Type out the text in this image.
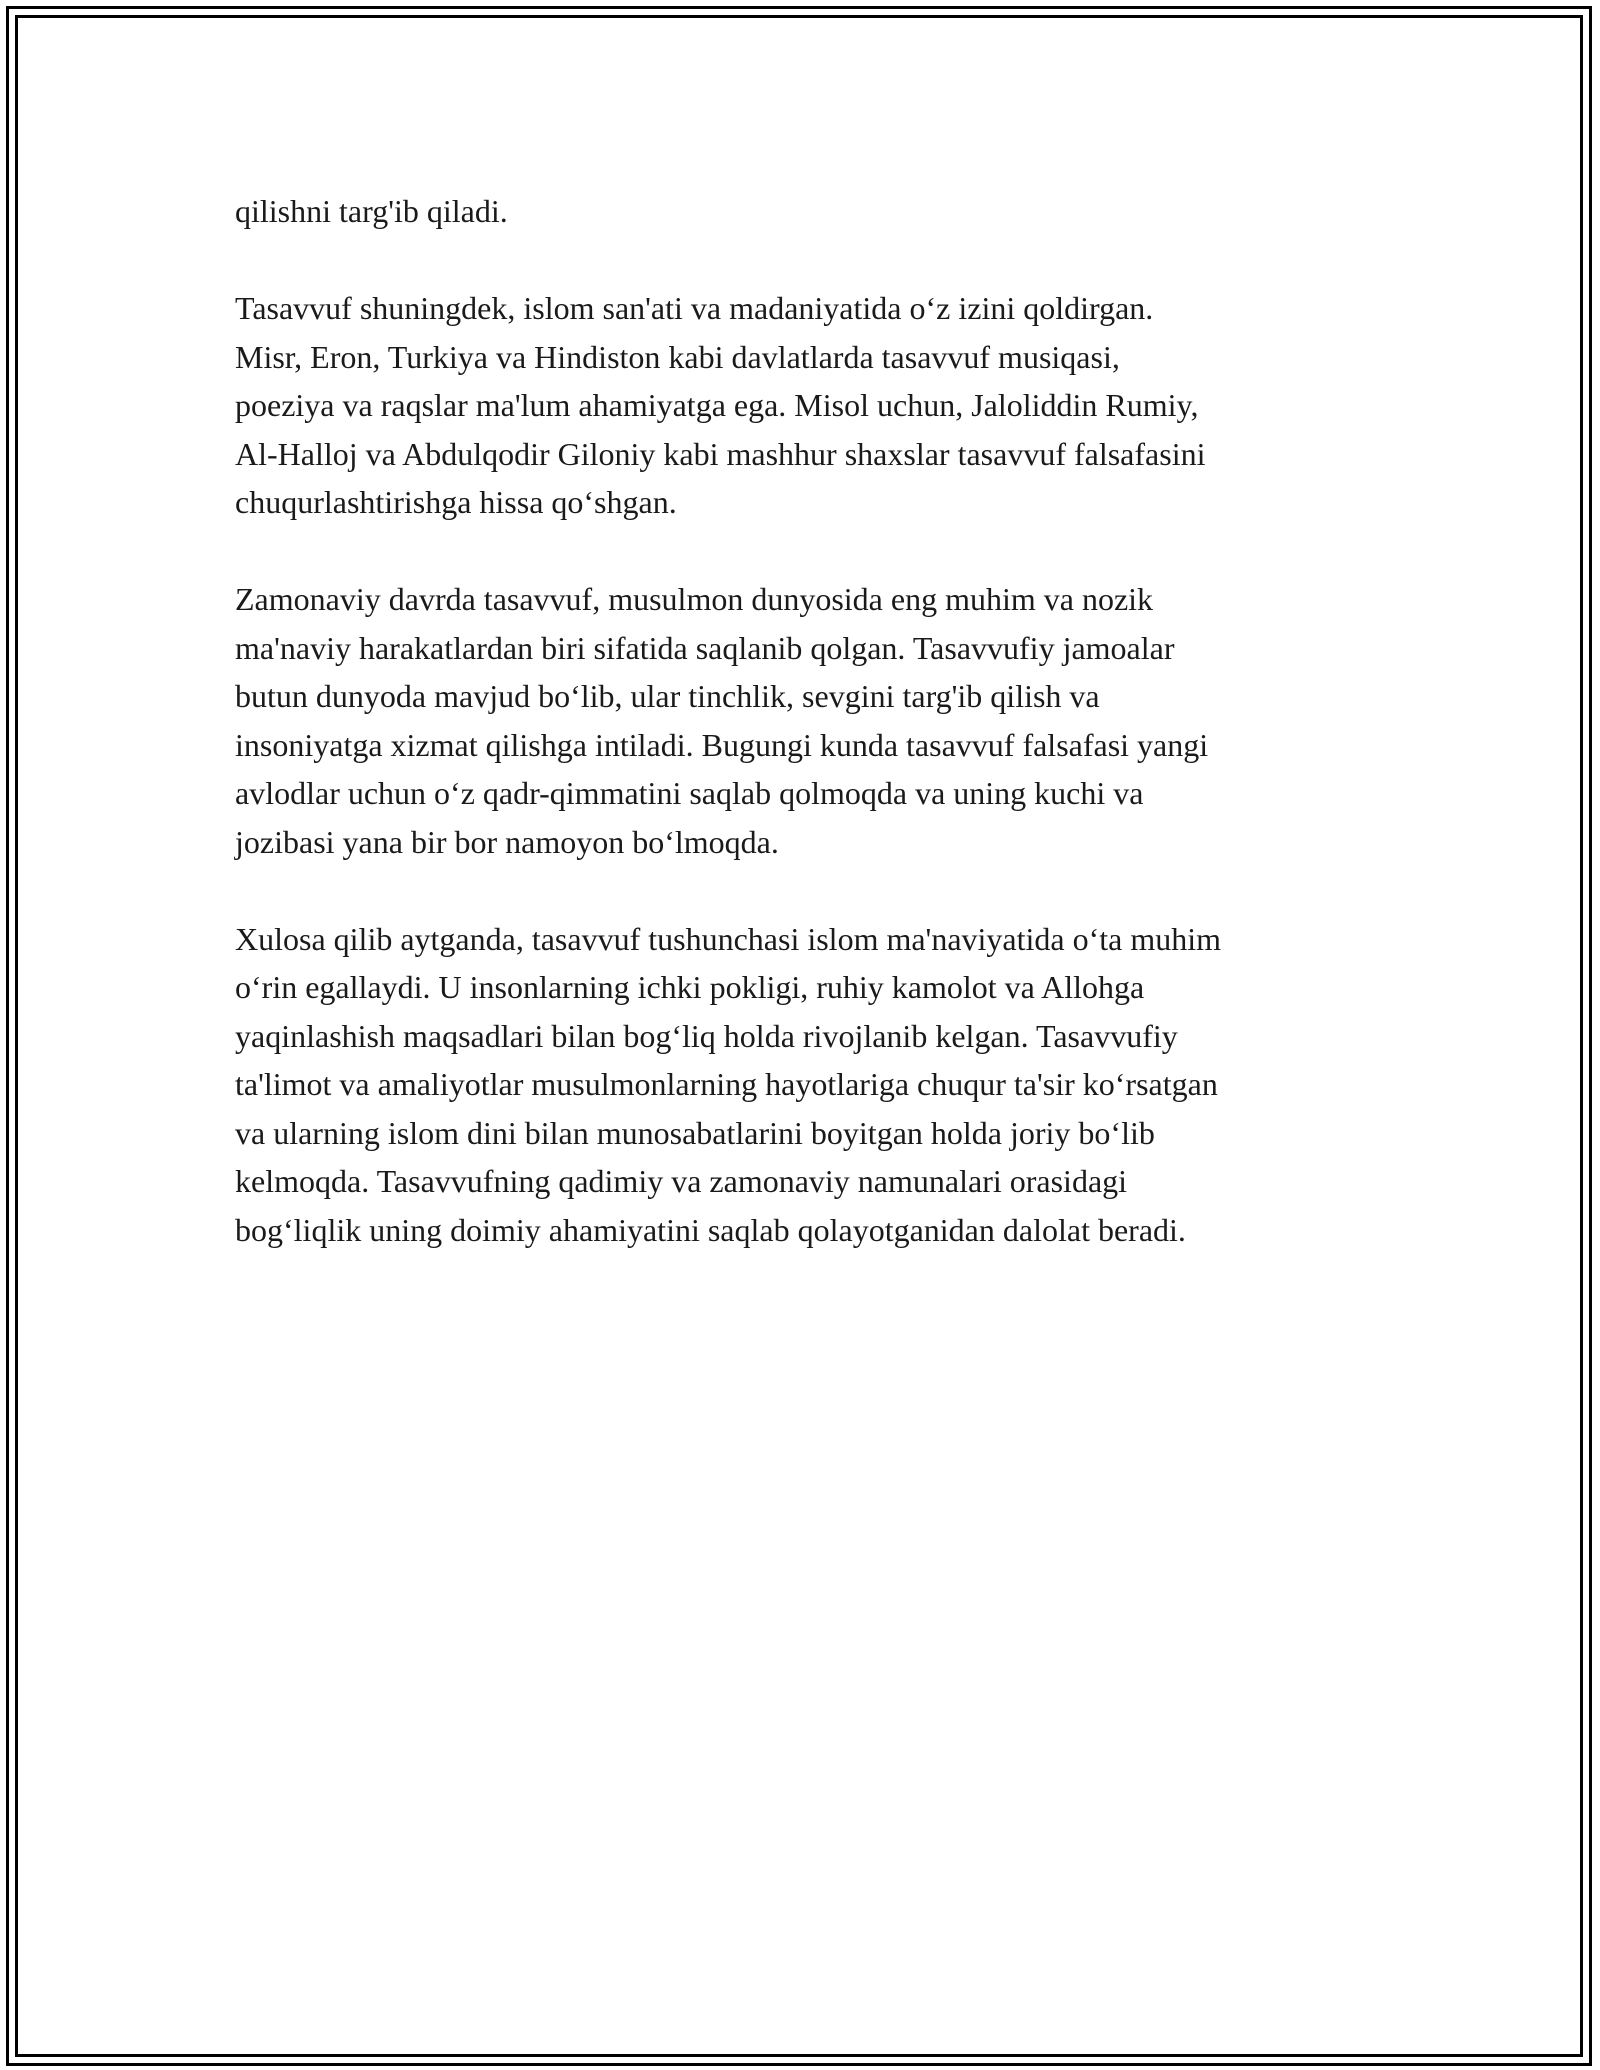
qilishni targ'ib qiladi.

Tasavvuf shuningdek, islom san'ati va madaniyatida o‘z izini qoldirgan.
Misr, Eron, Turkiya va Hindiston kabi davlatlarda tasavvuf musiqasi,
poeziya va raqslar ma'lum ahamiyatga ega. Misol uchun, Jaloliddin Rumiy,
Al-Halloj va Abdulqodir Giloniy kabi mashhur shaxslar tasavvuf falsafasini
chuqurlashtirishga hissa qo‘shgan.

Zamonaviy davrda tasavvuf, musulmon dunyosida eng muhim va nozik
ma'naviy harakatlardan biri sifatida saqlanib qolgan. Tasavvufiy jamoalar
butun dunyoda mavjud bo‘lib, ular tinchlik, sevgini targ'ib qilish va
insoniyatga xizmat qilishga intiladi. Bugungi kunda tasavvuf falsafasi yangi
avlodlar uchun o‘z qadr-qimmatini saqlab qolmoqda va uning kuchi va
jozibasi yana bir bor namoyon bo‘lmoqda.

Xulosa qilib aytganda, tasavvuf tushunchasi islom ma'naviyatida o‘ta muhim
o‘rin egallaydi. U insonlarning ichki pokligi, ruhiy kamolot va Allohga
yaqinlashish maqsadlari bilan bog‘liq holda rivojlanib kelgan. Tasavvufiy
ta'limot va amaliyotlar musulmonlarning hayotlariga chuqur ta'sir ko‘rsatgan
va ularning islom dini bilan munosabatlarini boyitgan holda joriy bo‘lib
kelmoqda. Tasavvufning qadimiy va zamonaviy namunalari orasidagi
bog‘liqlik uning doimiy ahamiyatini saqlab qolayotganidan dalolat beradi.
